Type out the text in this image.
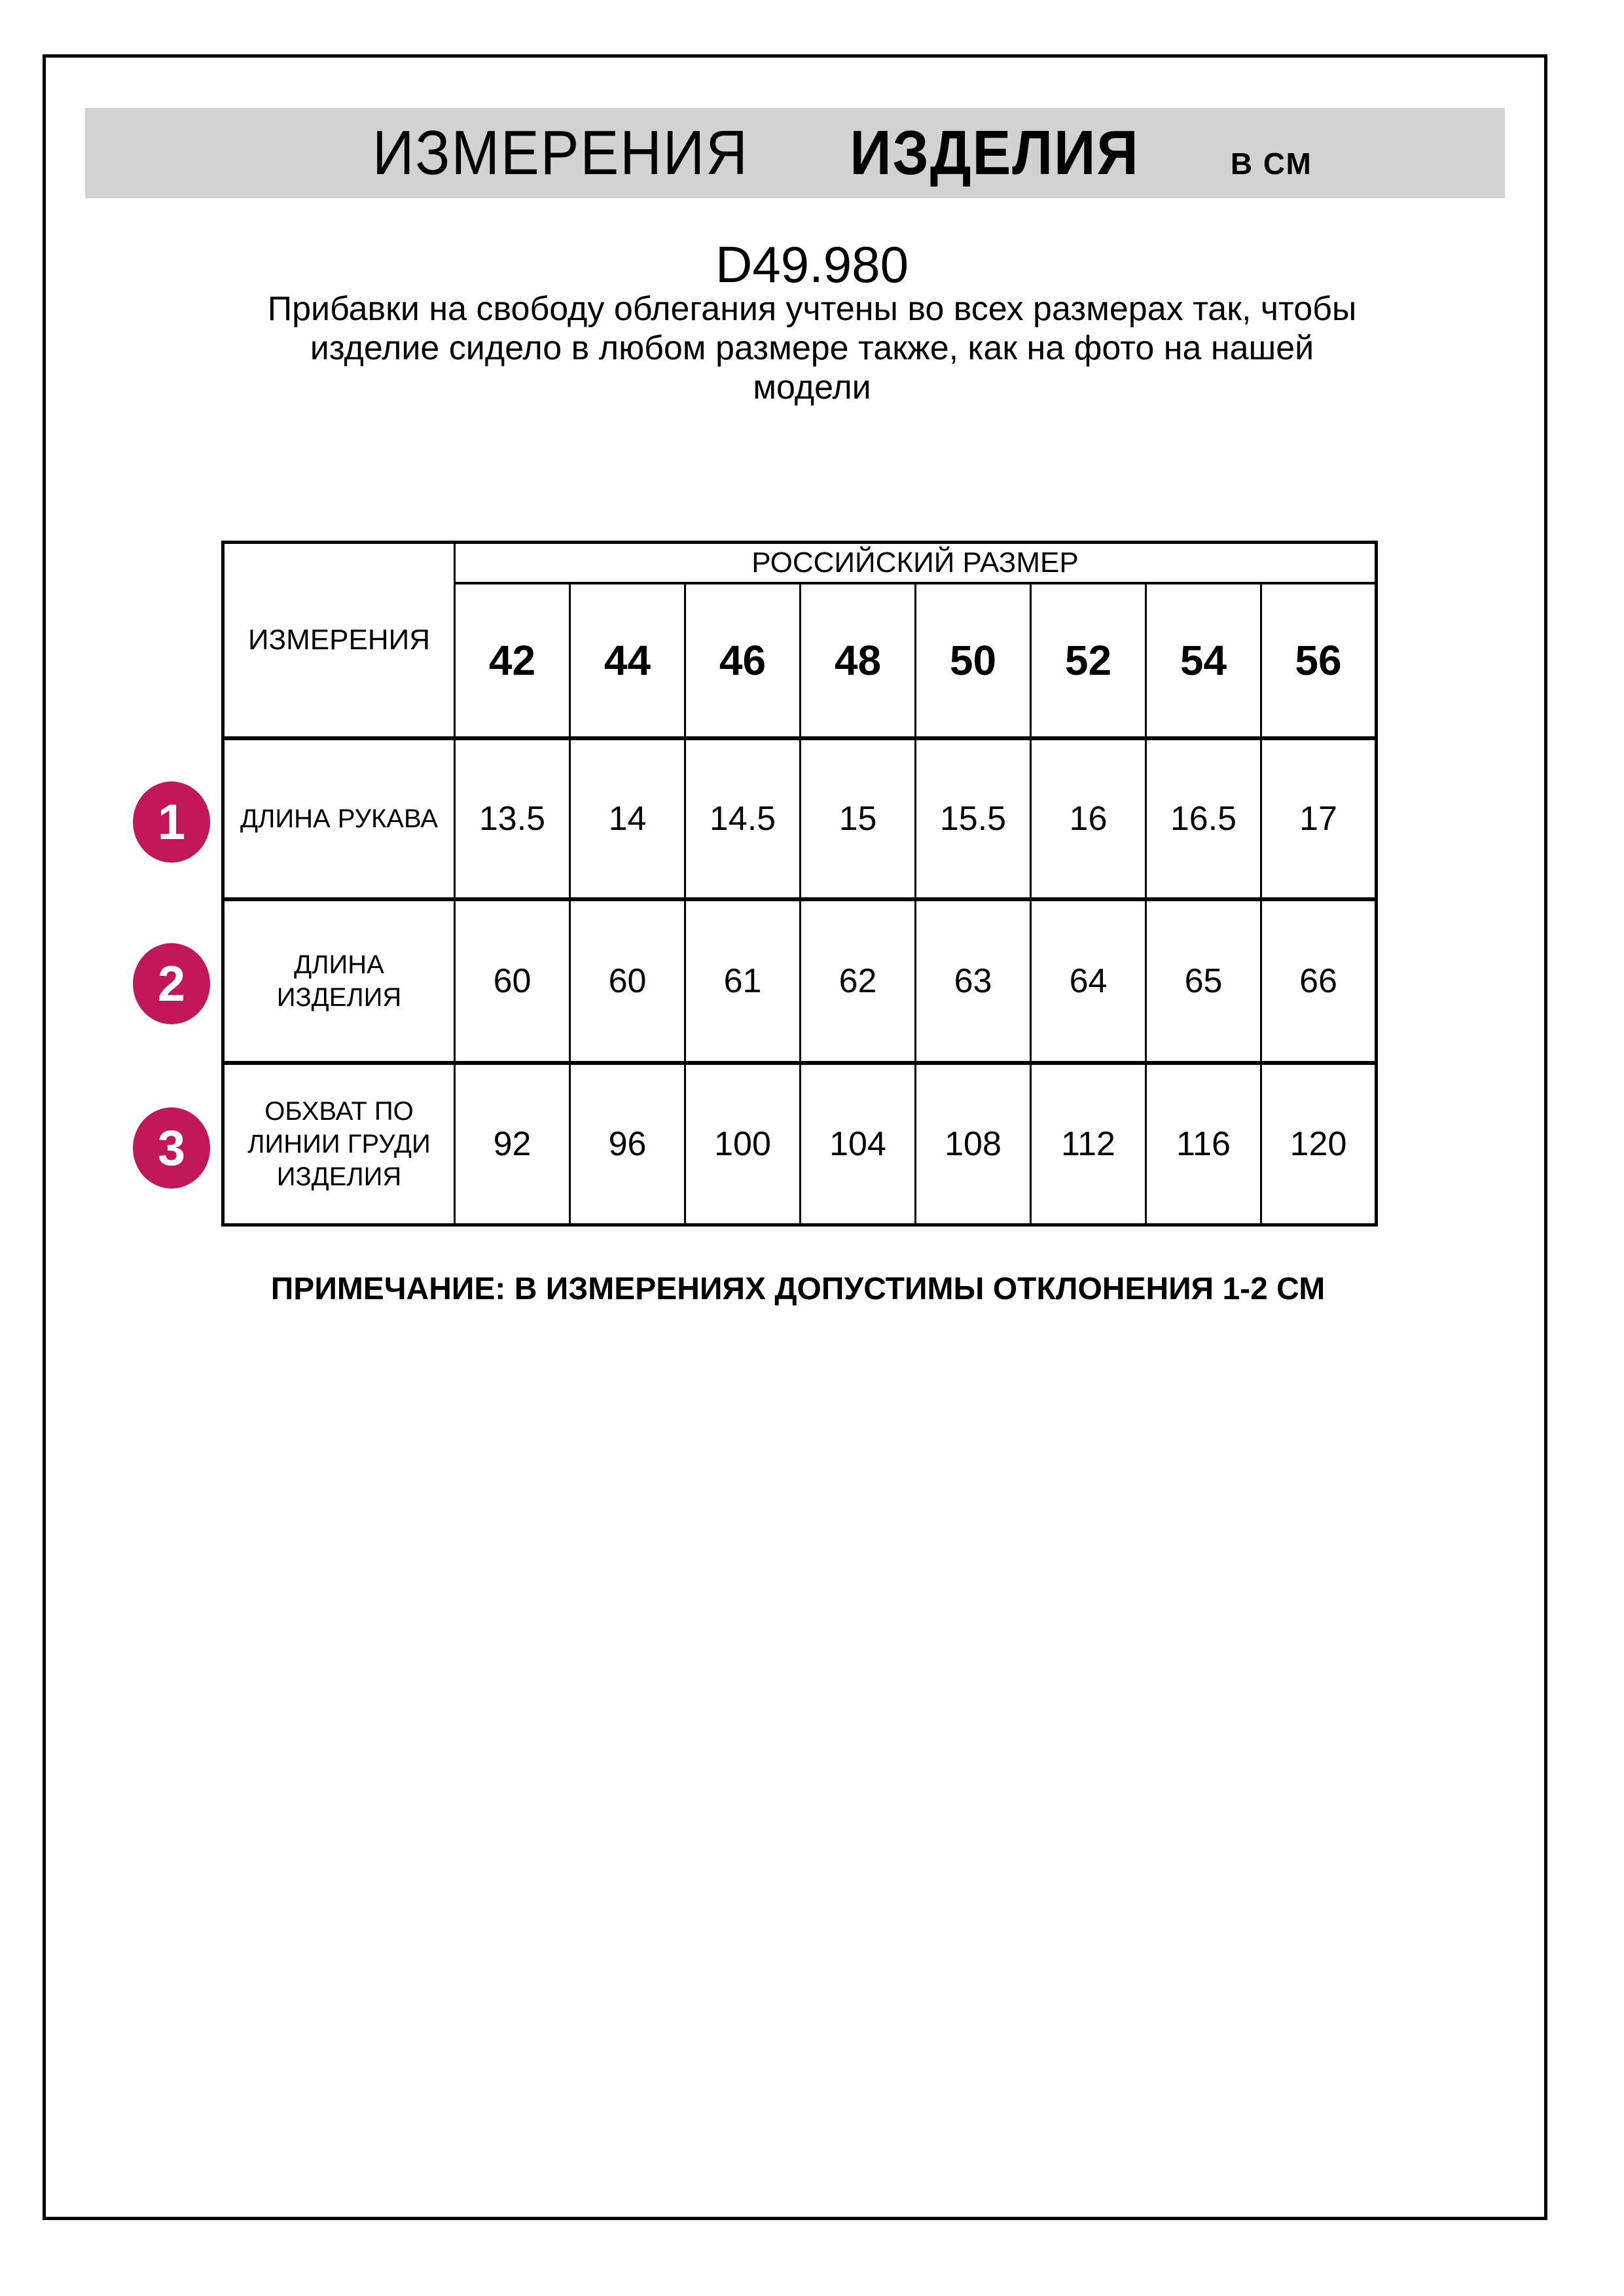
ИЗМЕРЕНИЯ ИЗДЕЛИЯ	В СМ
D49.980
Прибавки на свободу облегания учтены во всех размерах так, чтобы
изделие сидело в любом размере также, как на фото на нашей
модели
ИЗМЕРЕНИЯ	РОССИЙСКИЙ РАЗМЕР							
	42	44	46	48	50	52	54	56

ДЛИНА РУКАВА	13.5	14	14.5	15	15.5	16	16.5	17

ДЛИНА
ИЗДЕЛИЯ	60	60	61	62	63	64	65	66

ОБХВАТ ПО
ЛИНИИ ГРУДИ
ИЗДЕЛИЯ	92	96	100	104	108	112	116	120
1
2
3
ПРИМЕЧАНИЕ: В ИЗМЕРЕНИЯХ ДОПУСТИМЫ ОТКЛОНЕНИЯ 1-2 СМ
